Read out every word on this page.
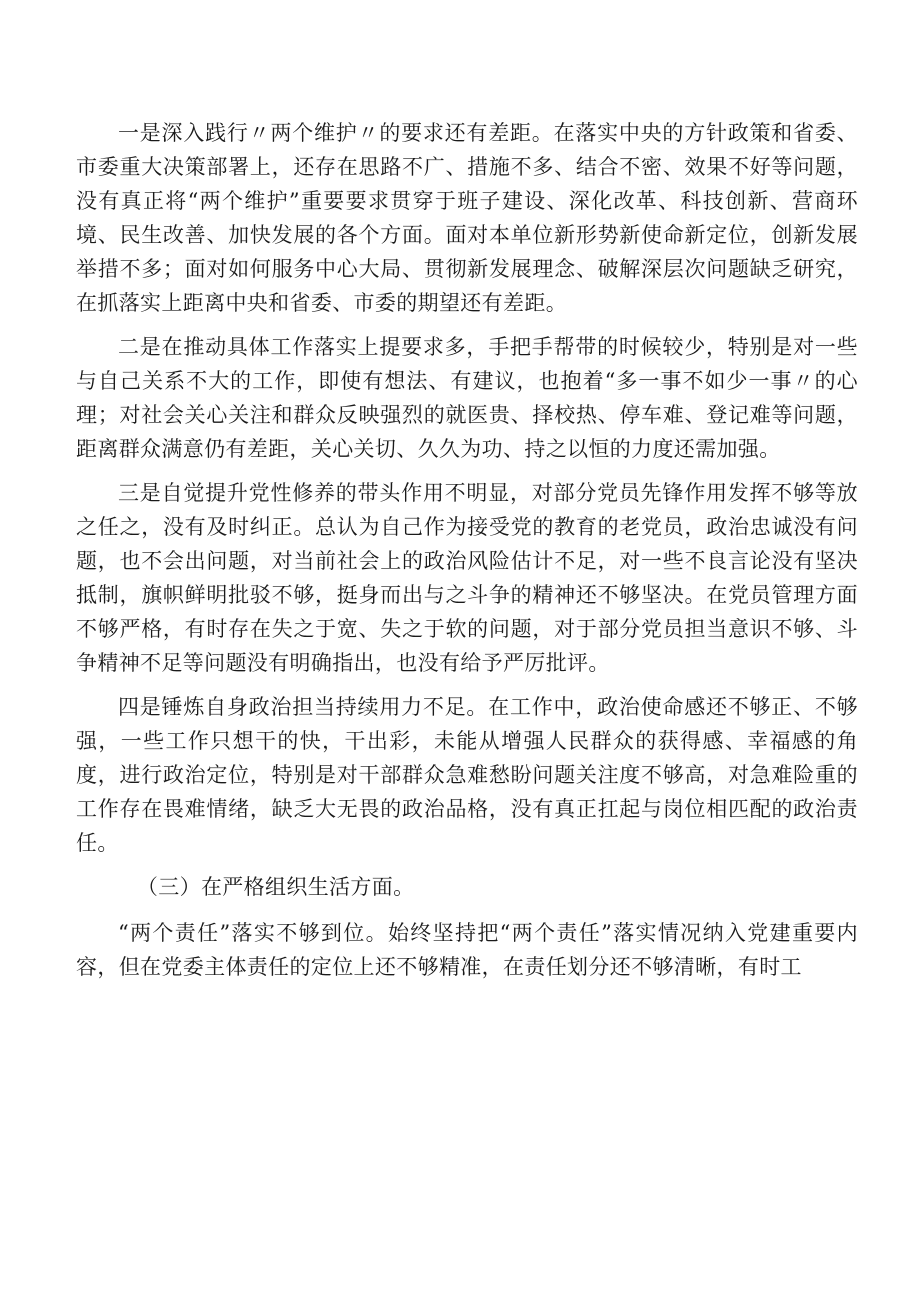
一是深入践行〃两个维护〃的要求还有差距。在落实中央的方针政策和省委、市委重大决策部署上，还存在思路不广、措施不多、结合不密、效果不好等问题，没有真正将“两个维护”重要要求贯穿于班子建设、深化改革、科技创新、营商环境、民生改善、加快发展的各个方面。面对本单位新形势新使命新定位，创新发展举措不多；面对如何服务中心大局、贯彻新发展理念、破解深层次问题缺乏研究，在抓落实上距离中央和省委、市委的期望还有差距。

二是在推动具体工作落实上提要求多，手把手帮带的时候较少，特别是对一些与自己关系不大的工作，即使有想法、有建议，也抱着“多一事不如少一事〃的心理；对社会关心关注和群众反映强烈的就医贵、择校热、停车难、登记难等问题，距离群众满意仍有差距，关心关切、久久为功、持之以恒的力度还需加强。

三是自觉提升党性修养的带头作用不明显，对部分党员先锋作用发挥不够等放之任之，没有及时纠正。总认为自己作为接受党的教育的老党员，政治忠诚没有问题，也不会出问题，对当前社会上的政治风险估计不足，对一些不良言论没有坚决抵制，旗帜鲜明批驳不够，挺身而出与之斗争的精神还不够坚决。在党员管理方面不够严格，有时存在失之于宽、失之于软的问题，对于部分党员担当意识不够、斗争精神不足等问题没有明确指出，也没有给予严厉批评。

四是锤炼自身政治担当持续用力不足。在工作中，政治使命感还不够正、不够强，一些工作只想干的快，干出彩，未能从增强人民群众的获得感、幸福感的角度，进行政治定位，特别是对干部群众急难愁盼问题关注度不够高，对急难险重的工作存在畏难情绪，缺乏大无畏的政治品格，没有真正扛起与岗位相匹配的政治责任。

（三）在严格组织生活方面。

“两个责任”落实不够到位。始终坚持把“两个责任”落实情况纳入党建重要内容，但在党委主体责任的定位上还不够精准，在责任划分还不够清晰，有时工
